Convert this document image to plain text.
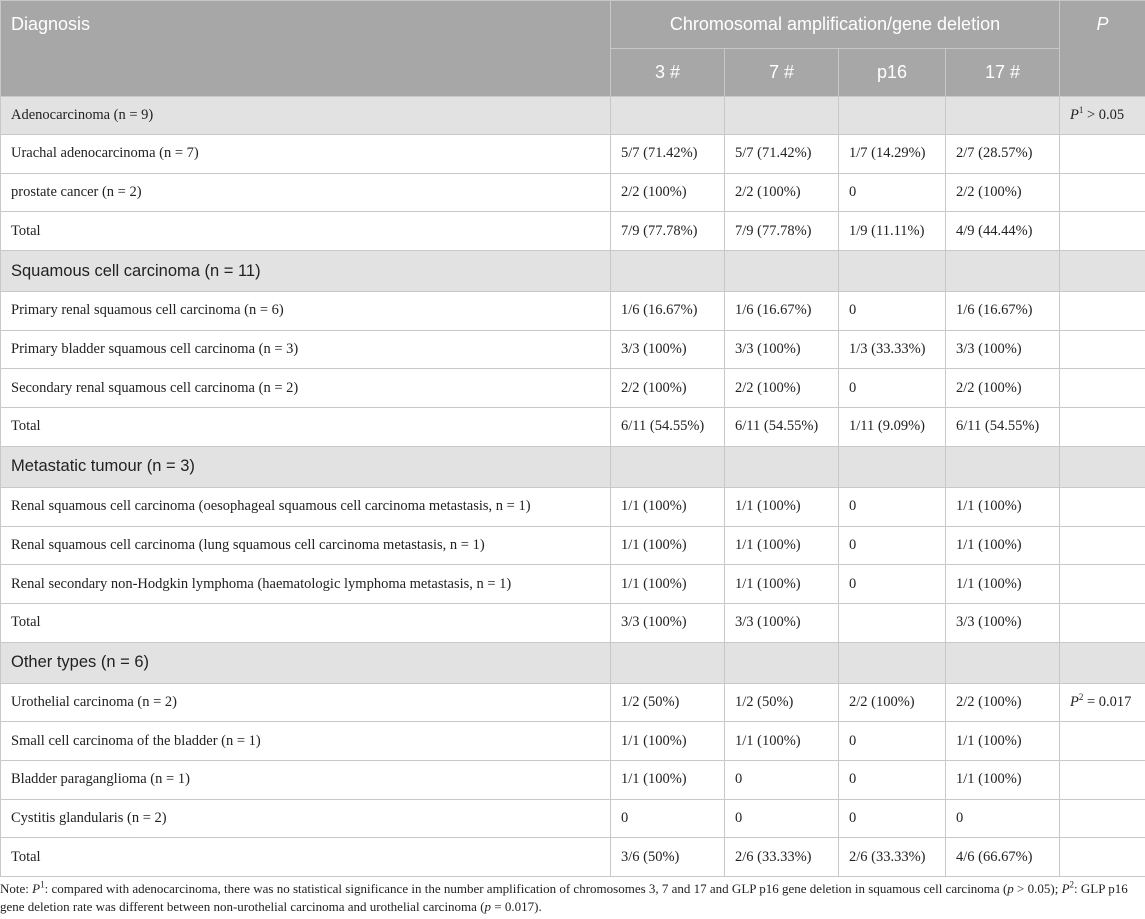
Diagnosis	Chromosomal amplification/gene deletion				P
	3 #	7 #	p16	17 #	
Adenocarcinoma (n = 9)					$P^1 > 0.05$
Urachal adenocarcinoma (n = 7)	5/7 (71.42%)	5/7 (71.42%)	1/7 (14.29%)	2/7 (28.57%)	
prostate cancer (n = 2)	2/2 (100%)	2/2 (100%)	0	2/2 (100%)	
Total	7/9 (77.78%)	7/9 (77.78%)	1/9 (11.11%)	4/9 (44.44%)	
Squamous cell carcinoma (n = 11)					
Primary renal squamous cell carcinoma (n = 6)	1/6 (16.67%)	1/6 (16.67%)	0	1/6 (16.67%)	
Primary bladder squamous cell carcinoma (n = 3)	3/3 (100%)	3/3 (100%)	1/3 (33.33%)	3/3 (100%)	
Secondary renal squamous cell carcinoma (n = 2)	2/2 (100%)	2/2 (100%)	0	2/2 (100%)	
Total	6/11 (54.55%)	6/11 (54.55%)	1/11 (9.09%)	6/11 (54.55%)	
Metastatic tumour (n = 3)					
Renal squamous cell carcinoma (oesophageal squamous cell carcinoma metastasis, n = 1)	1/1 (100%)	1/1 (100%)	0	1/1 (100%)	
Renal squamous cell carcinoma (lung squamous cell carcinoma metastasis, n = 1)	1/1 (100%)	1/1 (100%)	0	1/1 (100%)	
Renal secondary non-Hodgkin lymphoma (haematologic lymphoma metastasis, n = 1)	1/1 (100%)	1/1 (100%)	0	1/1 (100%)	
Total	3/3 (100%)	3/3 (100%)		3/3 (100%)	
Other types (n = 6)					
Urothelial carcinoma (n = 2)	1/2 (50%)	1/2 (50%)	2/2 (100%)	2/2 (100%)	$P^2 = 0.017$
Small cell carcinoma of the bladder (n = 1)	1/1 (100%)	1/1 (100%)	0	1/1 (100%)	
Bladder paraganglioma (n = 1)	1/1 (100%)	0	0	1/1 (100%)	
Cystitis glandularis (n = 2)	0	0	0	0	
Total	3/6 (50%)	2/6 (33.33%)	2/6 (33.33%)	4/6 (66.67%)	
Note: $P^1$: compared with adenocarcinoma, there was no statistical significance in the number amplification of chromosomes 3, 7 and 17 and GLP p16 gene deletion in squamous cell carcinoma (p > 0.05); $P^2$: GLP p16 gene deletion rate was different between non-urothelial carcinoma and urothelial carcinoma (p = 0.017).
